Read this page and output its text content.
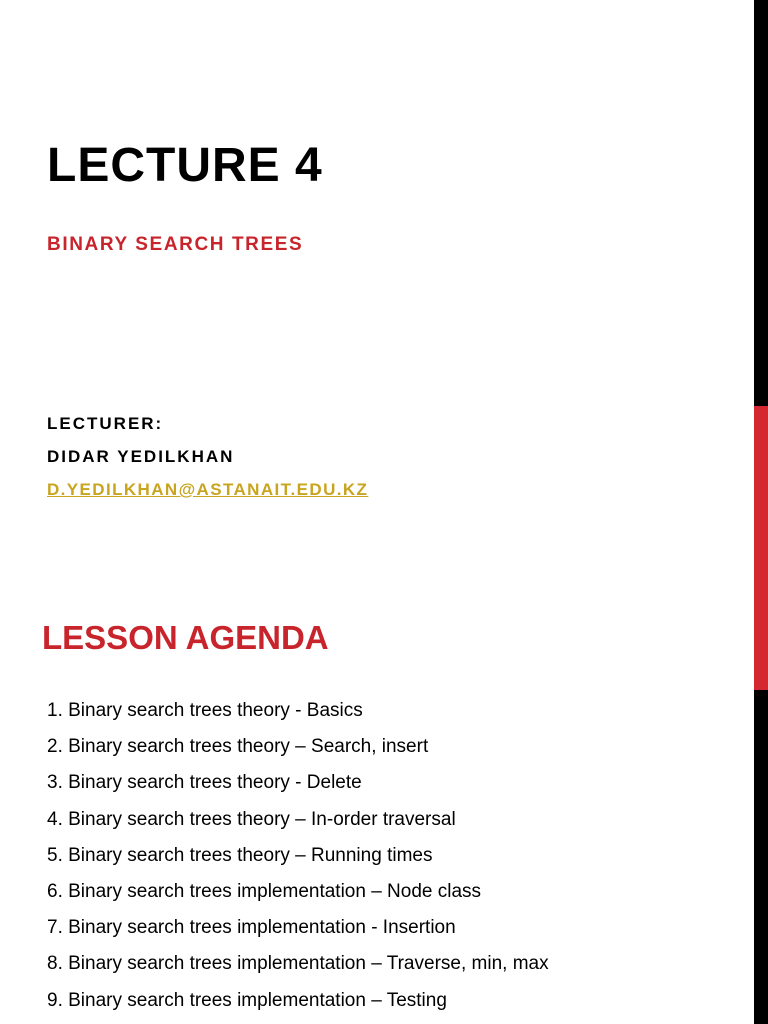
LECTURE 4

BINARY SEARCH TREES

LECTURER:

DIDAR YEDILKHAN

D.YEDILKHAN@ASTANAIT.EDU.KZ
LESSON AGENDA
1. Binary search trees theory - Basics
2. Binary search trees theory – Search, insert
3. Binary search trees theory - Delete
4. Binary search trees theory – In-order traversal
5. Binary search trees theory – Running times
6. Binary search trees implementation – Node class
7. Binary search trees implementation - Insertion
8. Binary search trees implementation – Traverse, min, max
9. Binary search trees implementation – Testing
